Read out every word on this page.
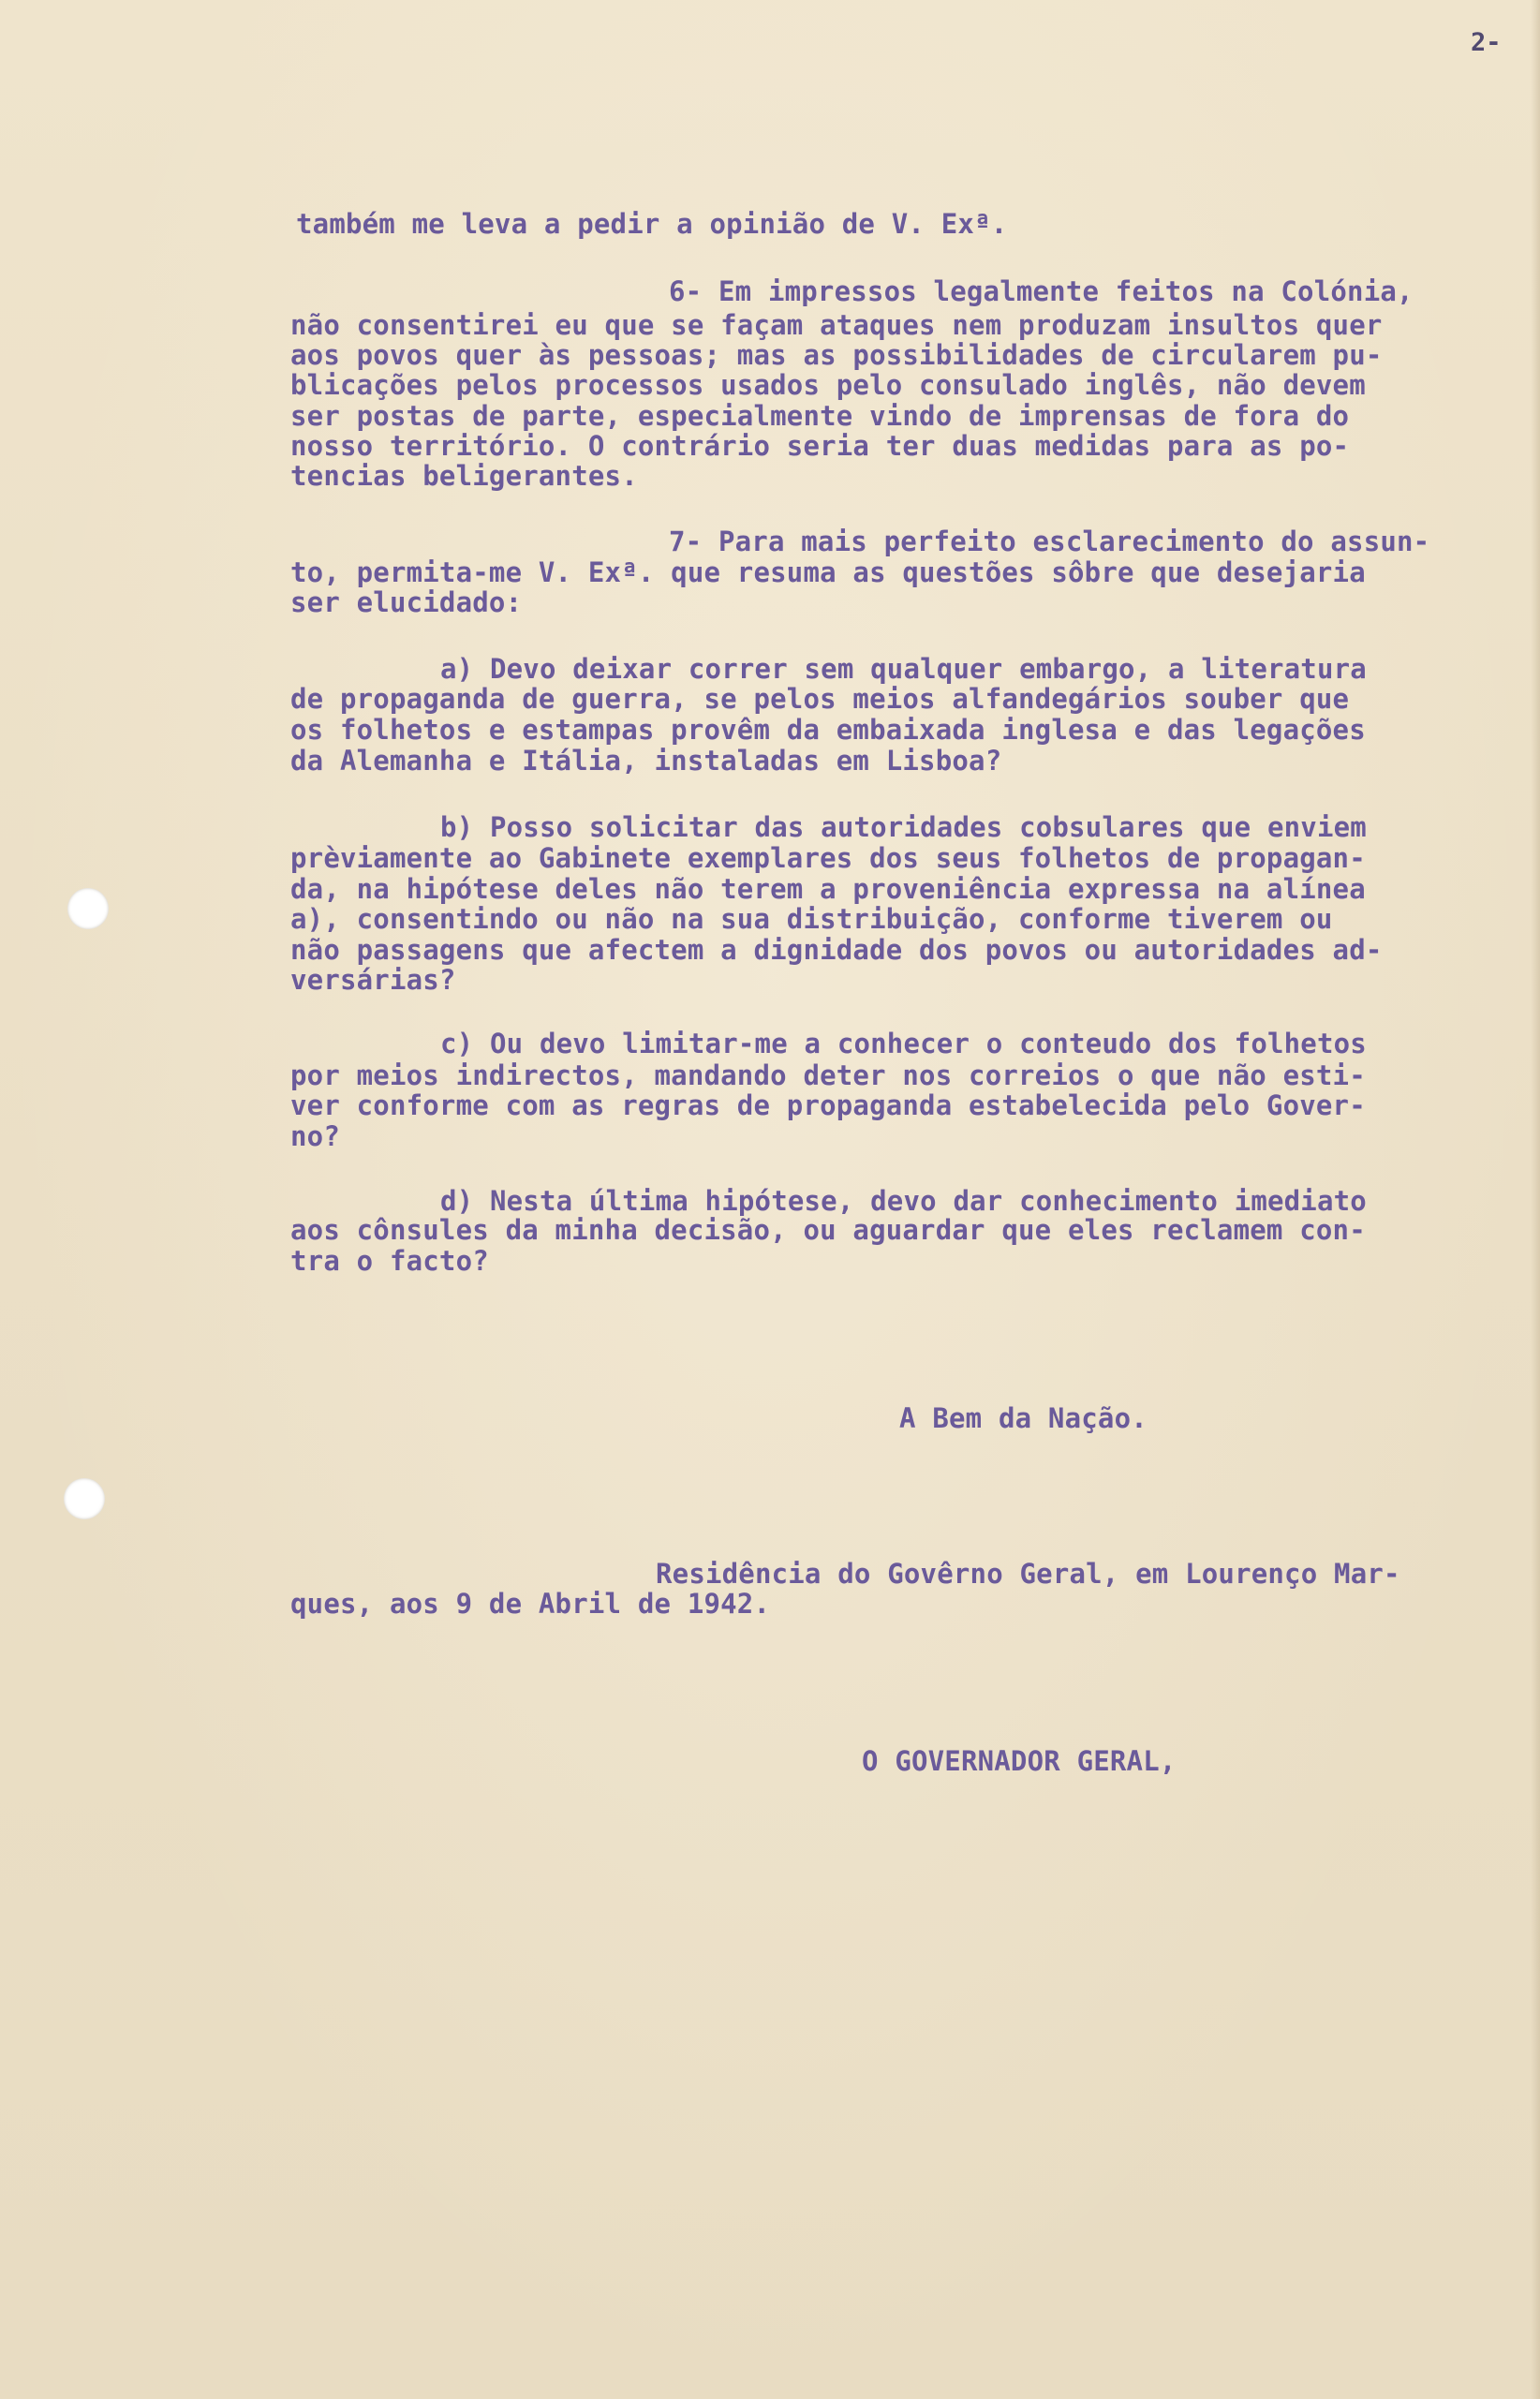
2-
também me leva a pedir a opinião de V. Exª.
6- Em impressos legalmente feitos na Colónia,
não consentirei eu que se façam ataques nem produzam insultos quer
aos povos quer às pessoas; mas as possibilidades de circularem pu-
blicações pelos processos usados pelo consulado inglês, não devem
ser postas de parte, especialmente vindo de imprensas de fora do
nosso território. O contrário seria ter duas medidas para as po-
tencias beligerantes.
7- Para mais perfeito esclarecimento do assun-
to, permita-me V. Exª. que resuma as questões sôbre que desejaria
ser elucidado:
a) Devo deixar correr sem qualquer embargo, a literatura
de propaganda de guerra, se pelos meios alfandegários souber que
os folhetos e estampas provêm da embaixada inglesa e das legações
da Alemanha e Itália, instaladas em Lisboa?
b) Posso solicitar das autoridades cobsulares que enviem
prèviamente ao Gabinete exemplares dos seus folhetos de propagan-
da, na hipótese deles não terem a proveniência expressa na alínea
a), consentindo ou não na sua distribuição, conforme tiverem ou
não passagens que afectem a dignidade dos povos ou autoridades ad-
versárias?
c) Ou devo limitar-me a conhecer o conteudo dos folhetos
por meios indirectos, mandando deter nos correios o que não esti-
ver conforme com as regras de propaganda estabelecida pelo Gover-
no?
d) Nesta última hipótese, devo dar conhecimento imediato
aos cônsules da minha decisão, ou aguardar que eles reclamem con-
tra o facto?
A Bem da Nação.
Residência do Govêrno Geral, em Lourenço Mar-
ques, aos 9 de Abril de 1942.
O GOVERNADOR GERAL,
